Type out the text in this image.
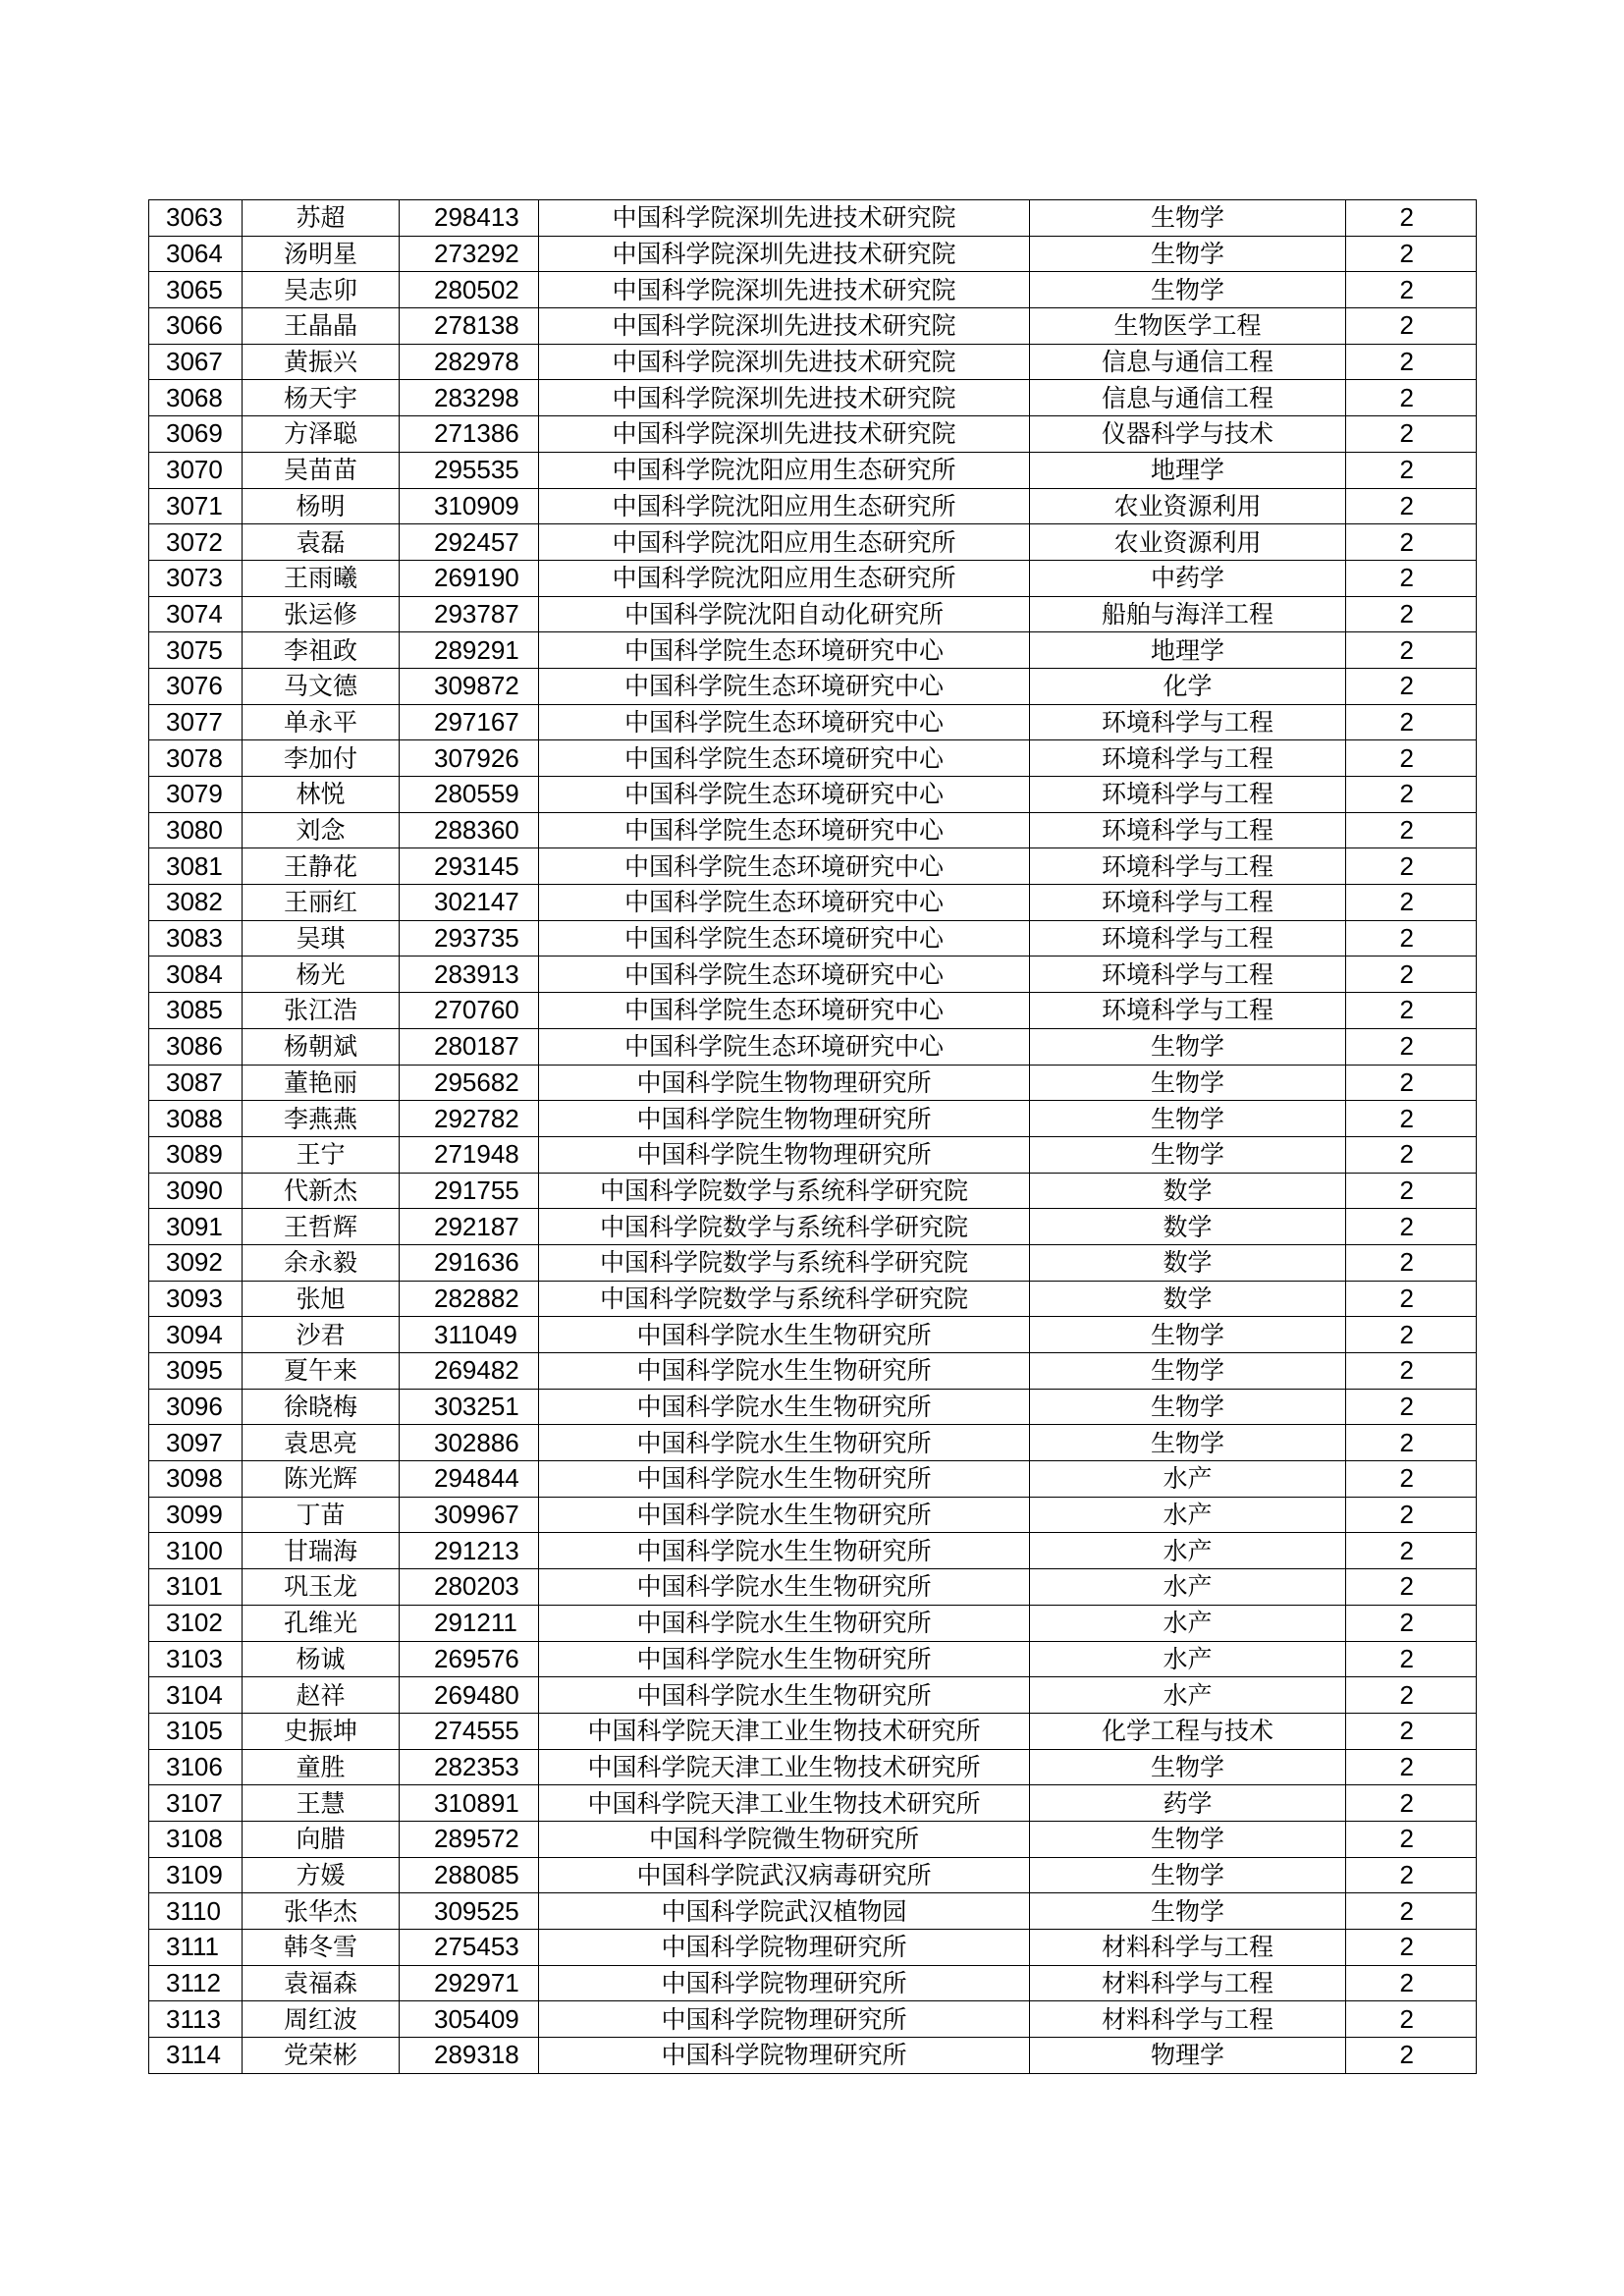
3063	苏超	298413	中国科学院深圳先进技术研究院	生物学	2
3064	汤明星	273292	中国科学院深圳先进技术研究院	生物学	2
3065	吴志卯	280502	中国科学院深圳先进技术研究院	生物学	2
3066	王晶晶	278138	中国科学院深圳先进技术研究院	生物医学工程	2
3067	黄振兴	282978	中国科学院深圳先进技术研究院	信息与通信工程	2
3068	杨天宇	283298	中国科学院深圳先进技术研究院	信息与通信工程	2
3069	方泽聪	271386	中国科学院深圳先进技术研究院	仪器科学与技术	2
3070	吴苗苗	295535	中国科学院沈阳应用生态研究所	地理学	2
3071	杨明	310909	中国科学院沈阳应用生态研究所	农业资源利用	2
3072	袁磊	292457	中国科学院沈阳应用生态研究所	农业资源利用	2
3073	王雨曦	269190	中国科学院沈阳应用生态研究所	中药学	2
3074	张运修	293787	中国科学院沈阳自动化研究所	船舶与海洋工程	2
3075	李祖政	289291	中国科学院生态环境研究中心	地理学	2
3076	马文德	309872	中国科学院生态环境研究中心	化学	2
3077	单永平	297167	中国科学院生态环境研究中心	环境科学与工程	2
3078	李加付	307926	中国科学院生态环境研究中心	环境科学与工程	2
3079	林悦	280559	中国科学院生态环境研究中心	环境科学与工程	2
3080	刘念	288360	中国科学院生态环境研究中心	环境科学与工程	2
3081	王静花	293145	中国科学院生态环境研究中心	环境科学与工程	2
3082	王丽红	302147	中国科学院生态环境研究中心	环境科学与工程	2
3083	吴琪	293735	中国科学院生态环境研究中心	环境科学与工程	2
3084	杨光	283913	中国科学院生态环境研究中心	环境科学与工程	2
3085	张江浩	270760	中国科学院生态环境研究中心	环境科学与工程	2
3086	杨朝斌	280187	中国科学院生态环境研究中心	生物学	2
3087	董艳丽	295682	中国科学院生物物理研究所	生物学	2
3088	李燕燕	292782	中国科学院生物物理研究所	生物学	2
3089	王宁	271948	中国科学院生物物理研究所	生物学	2
3090	代新杰	291755	中国科学院数学与系统科学研究院	数学	2
3091	王哲辉	292187	中国科学院数学与系统科学研究院	数学	2
3092	余永毅	291636	中国科学院数学与系统科学研究院	数学	2
3093	张旭	282882	中国科学院数学与系统科学研究院	数学	2
3094	沙君	311049	中国科学院水生生物研究所	生物学	2
3095	夏午来	269482	中国科学院水生生物研究所	生物学	2
3096	徐晓梅	303251	中国科学院水生生物研究所	生物学	2
3097	袁思亮	302886	中国科学院水生生物研究所	生物学	2
3098	陈光辉	294844	中国科学院水生生物研究所	水产	2
3099	丁苗	309967	中国科学院水生生物研究所	水产	2
3100	甘瑞海	291213	中国科学院水生生物研究所	水产	2
3101	巩玉龙	280203	中国科学院水生生物研究所	水产	2
3102	孔维光	291211	中国科学院水生生物研究所	水产	2
3103	杨诚	269576	中国科学院水生生物研究所	水产	2
3104	赵祥	269480	中国科学院水生生物研究所	水产	2
3105	史振坤	274555	中国科学院天津工业生物技术研究所	化学工程与技术	2
3106	童胜	282353	中国科学院天津工业生物技术研究所	生物学	2
3107	王慧	310891	中国科学院天津工业生物技术研究所	药学	2
3108	向腊	289572	中国科学院微生物研究所	生物学	2
3109	方媛	288085	中国科学院武汉病毒研究所	生物学	2
3110	张华杰	309525	中国科学院武汉植物园	生物学	2
3111	韩冬雪	275453	中国科学院物理研究所	材料科学与工程	2
3112	袁福森	292971	中国科学院物理研究所	材料科学与工程	2
3113	周红波	305409	中国科学院物理研究所	材料科学与工程	2
3114	党荣彬	289318	中国科学院物理研究所	物理学	2
